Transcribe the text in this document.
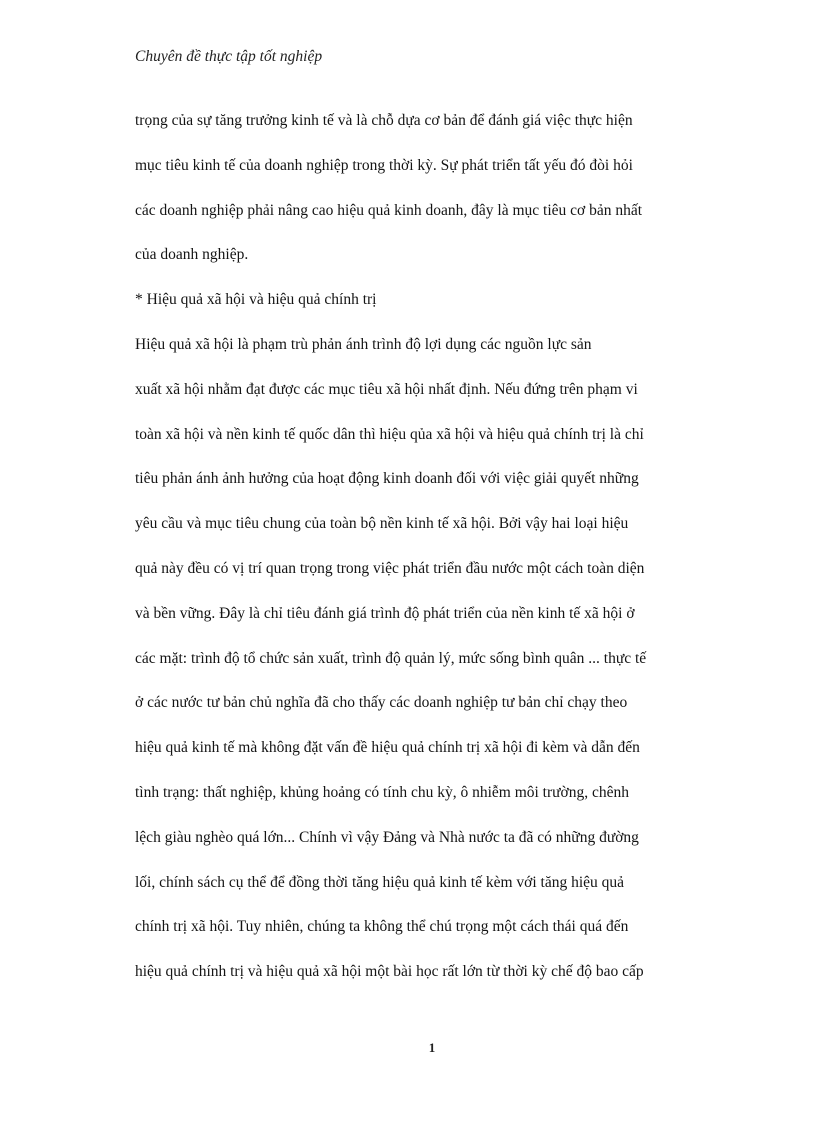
Chuyên đề thực tập tốt nghiệp
trọng của sự tăng trưởng kinh tế và là chỗ dựa cơ bản để đánh giá việc thực hiện
mục tiêu kinh tế của doanh nghiệp trong thời kỳ. Sự phát triển tất yếu đó đòi hỏi
các doanh nghiệp phải nâng cao hiệu quả kinh doanh, đây là mục tiêu cơ bản nhất
của doanh nghiệp.
* Hiệu quả xã hội và hiệu quả chính trị
Hiệu quả xã hội là phạm trù phản ánh trình độ lợi dụng các nguồn lực sản
xuất xã hội nhằm đạt được các mục tiêu xã hội nhất định. Nếu đứng trên phạm vi
toàn xã hội và nền kinh tế quốc dân thì hiệu qủa xã hội và hiệu quả chính trị là chỉ
tiêu phản ánh ảnh hưởng của hoạt động kinh doanh đối với việc giải quyết những
yêu cầu và mục tiêu chung của toàn bộ nền kinh tế xã hội. Bởi vậy hai loại hiệu
quả này đều có vị trí quan trọng trong việc phát triển đầu nước một cách toàn diện
và bền vững. Đây là chỉ tiêu đánh giá trình độ phát triển của nền kinh tế xã hội ở
các mặt: trình độ tổ chức sản xuất, trình độ quản lý, mức sống bình quân ... thực tế
ở các nước tư bản chủ nghĩa đã cho thấy các doanh nghiệp tư bản chỉ chạy theo
hiệu quả kinh tế mà không đặt vấn đề hiệu quả chính trị xã hội đi kèm và dẫn đến
tình trạng: thất nghiệp, khủng hoảng có tính chu kỳ, ô nhiễm môi trường, chênh
lệch giàu nghèo quá lớn... Chính vì vậy Đảng và Nhà nước ta đã có những đường
lối, chính sách cụ thể để đồng thời tăng hiệu quả kinh tế kèm với tăng hiệu quả
chính trị xã hội. Tuy nhiên, chúng ta không thể chú trọng một cách thái quá đến
hiệu quả chính trị và hiệu quả xã hội một bài học rất lớn từ thời kỳ chế độ bao cấp
1
